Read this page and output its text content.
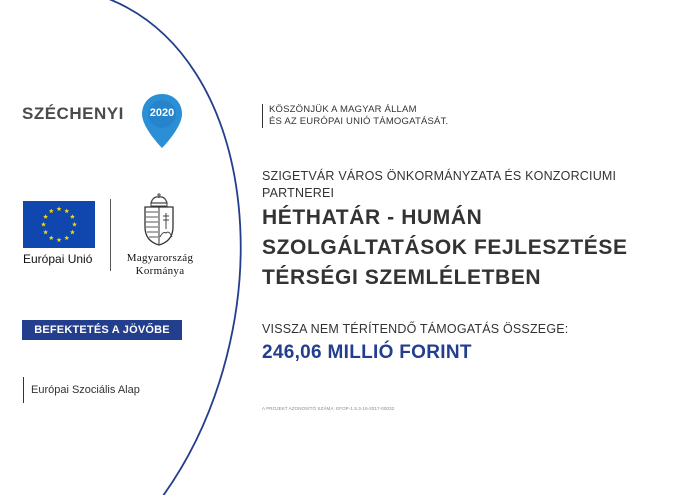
SZÉCHENYI	2020	KÖSZÖNJÜK A MAGYAR ÁLLAM
ÉS AZ EURÓPAI UNIÓ TÁMOGATÁSÁT.
Európai Unió	Magyarország
Kormánya
BEFEKTETÉS A JÖVŐBE
Európai Szociális Alap
SZIGETVÁR VÁROS ÖNKORMÁNYZATA ÉS KONZORCIUMI PARTNEREI
HÉTHATÁR - HUMÁN
SZOLGÁLTATÁSOK FEJLESZTÉSE
TÉRSÉGI SZEMLÉLETBEN
VISSZA NEM TÉRÍTENDŐ TÁMOGATÁS ÖSSZEGE:
246,06 MILLIÓ FORINT
A PROJEKT AZONOSÍTÓ SZÁMA: EFOP-1.5.3-16-2017-00032
